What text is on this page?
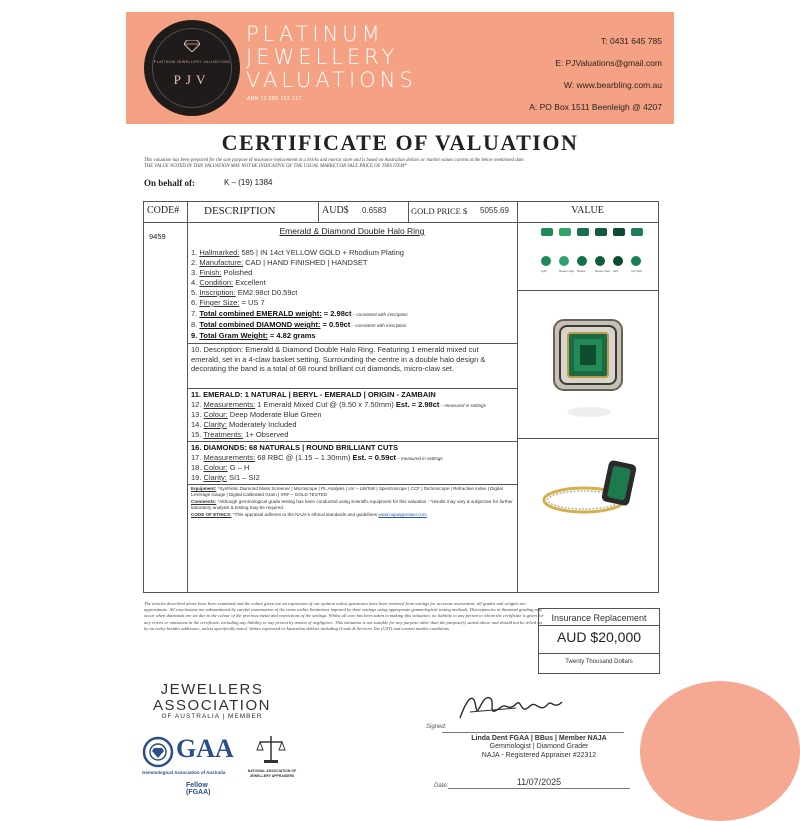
PLATINUM JEWELLERY VALUATIONS
PJV
PLATINUM
JEWELLERY
VALUATIONS
ABN 11 585 162 117
T: 0431 645 785
E: PJValuations@gmail.com
W: www.bearbling.com.au
A: PO Box 1511 Beenleigh @ 4207
CERTIFICATE OF VALUATION
This valuation has been prepared for the sole purpose of insurance replacement at a bricks and mortar store and is based on Australian dollars or market values current at the below mentioned date.
THE VALUE NOTED IN THIS VALUATION MAY NOT BE INDICATIVE OF THE USUAL MARKET OR SALE PRICE OF THIS ITEM*
On behalf of:	K – (19) 1384
CODE# DESCRIPTION	AUD$ 0.6583	GOLD PRICE $ 5055.69	VALUE
9459
Emerald & Diamond Double Halo Ring
1. Hallmarked: 585 | IN 14ct YELLOW GOLD + Rhodium Plating
2. Manufacture: CAD | HAND FINISHED | HANDSET
3. Finish: Polished
4. Condition: Excellent
5. Inscription: EM2.98ct D0.59ct
6. Finger Size: = US 7
7. Total combined EMERALD weight: = 2.98ct – consistent with inscription
8. Total combined DIAMOND weight: = 0.59ct – consistent with inscription
9. Total Gram Weight: = 4.82 grams
10. Description: Emerald & Diamond Double Halo Ring. Featuring 1 emerald mixed cut emerald, set in a 4-claw basket setting. Surrounding the centre in a double halo design & decorating the band is a total of 68 round brilliant cut diamonds, micro-claw set.
11. EMERALD: 1 NATURAL | BERYL - EMERALD | ORIGIN - ZAMBAIN
12. Measurements: 1 Emerald Mixed Cut @ (9.50 x 7.50mm) Est. = 2.98ct – measured in settings
13. Colour: Deep Moderate Blue Green
14. Clarity: Moderately Included
15. Treatments: 1+ Observed
16. DIAMONDS: 68 NATURALS | ROUND BRILLIANT CUTS
17. Measurements: 68 RBC @ (1.15 – 1.30mm) Est. = 0.59ct – measured in settings
18. Colour: G – H
19. Clarity: SI1 – SI2
Equipment: *Synthetic Diamond Mass Screener | Microscope | PL Analysis | UV – LW/SW | Spectroscope | CCF | Dichroscope | Refractive Index | Digital Leverage Gauge | Digital Calibrated Gram | XRF – GOLD TESTED
Comments: *Although gemmological grade testing has been conducted using scientific equipment for this valuation - *results may vary & subjective for further laboratory analysis & testing may be required.
CODE OF ETHICS: *This appraisal adheres to the NAJA's ethical standards and guidelines www.najaappraiser.com
Light	Medium Light Medium	Medium Dark Dark	Very Dark
The articles described above have been examined and the values given are an expression of our opinion unless gemstones have been removed from settings for accurate assessment, all grades and weights are approximate. All conclusions are substantiated by careful examination of the items within limitations imposed by their settings using appropriate gemmological testing methods. Discrepancies in diamond grading may occur when diamonds are set due to the colour of the precious metal and restrictions of the settings. Whilst all care has been taken in making this valuation, no liability to any person to whom the certificate is given for any errors or omissions in the certificate, including any liability to any person by reason of negligence. This valuation is not suitable for any purpose other than the purpose(s) stated above and should not be relied on by an entity besides addressee, unless specifically noted. Values expressed in Australian dollars including Goods & Services Tax (GST) and current market conditions.
Insurance Replacement
AUD $20,000
Twenty Thousand Dollars
JEWELLERS
ASSOCIATION
OF AUSTRALIA | MEMBER
GAA
Gemmological Association of Australia
Fellow (FGAA)
NATIONAL ASSOCIATION OF JEWELLERY APPRAISERS
Signed:
Linda Dent FGAA | BBus | Member NAJA
Gemmologist | Diamond Grader
NAJA - Registered Appraiser #22312
11/07/2025
Date:
